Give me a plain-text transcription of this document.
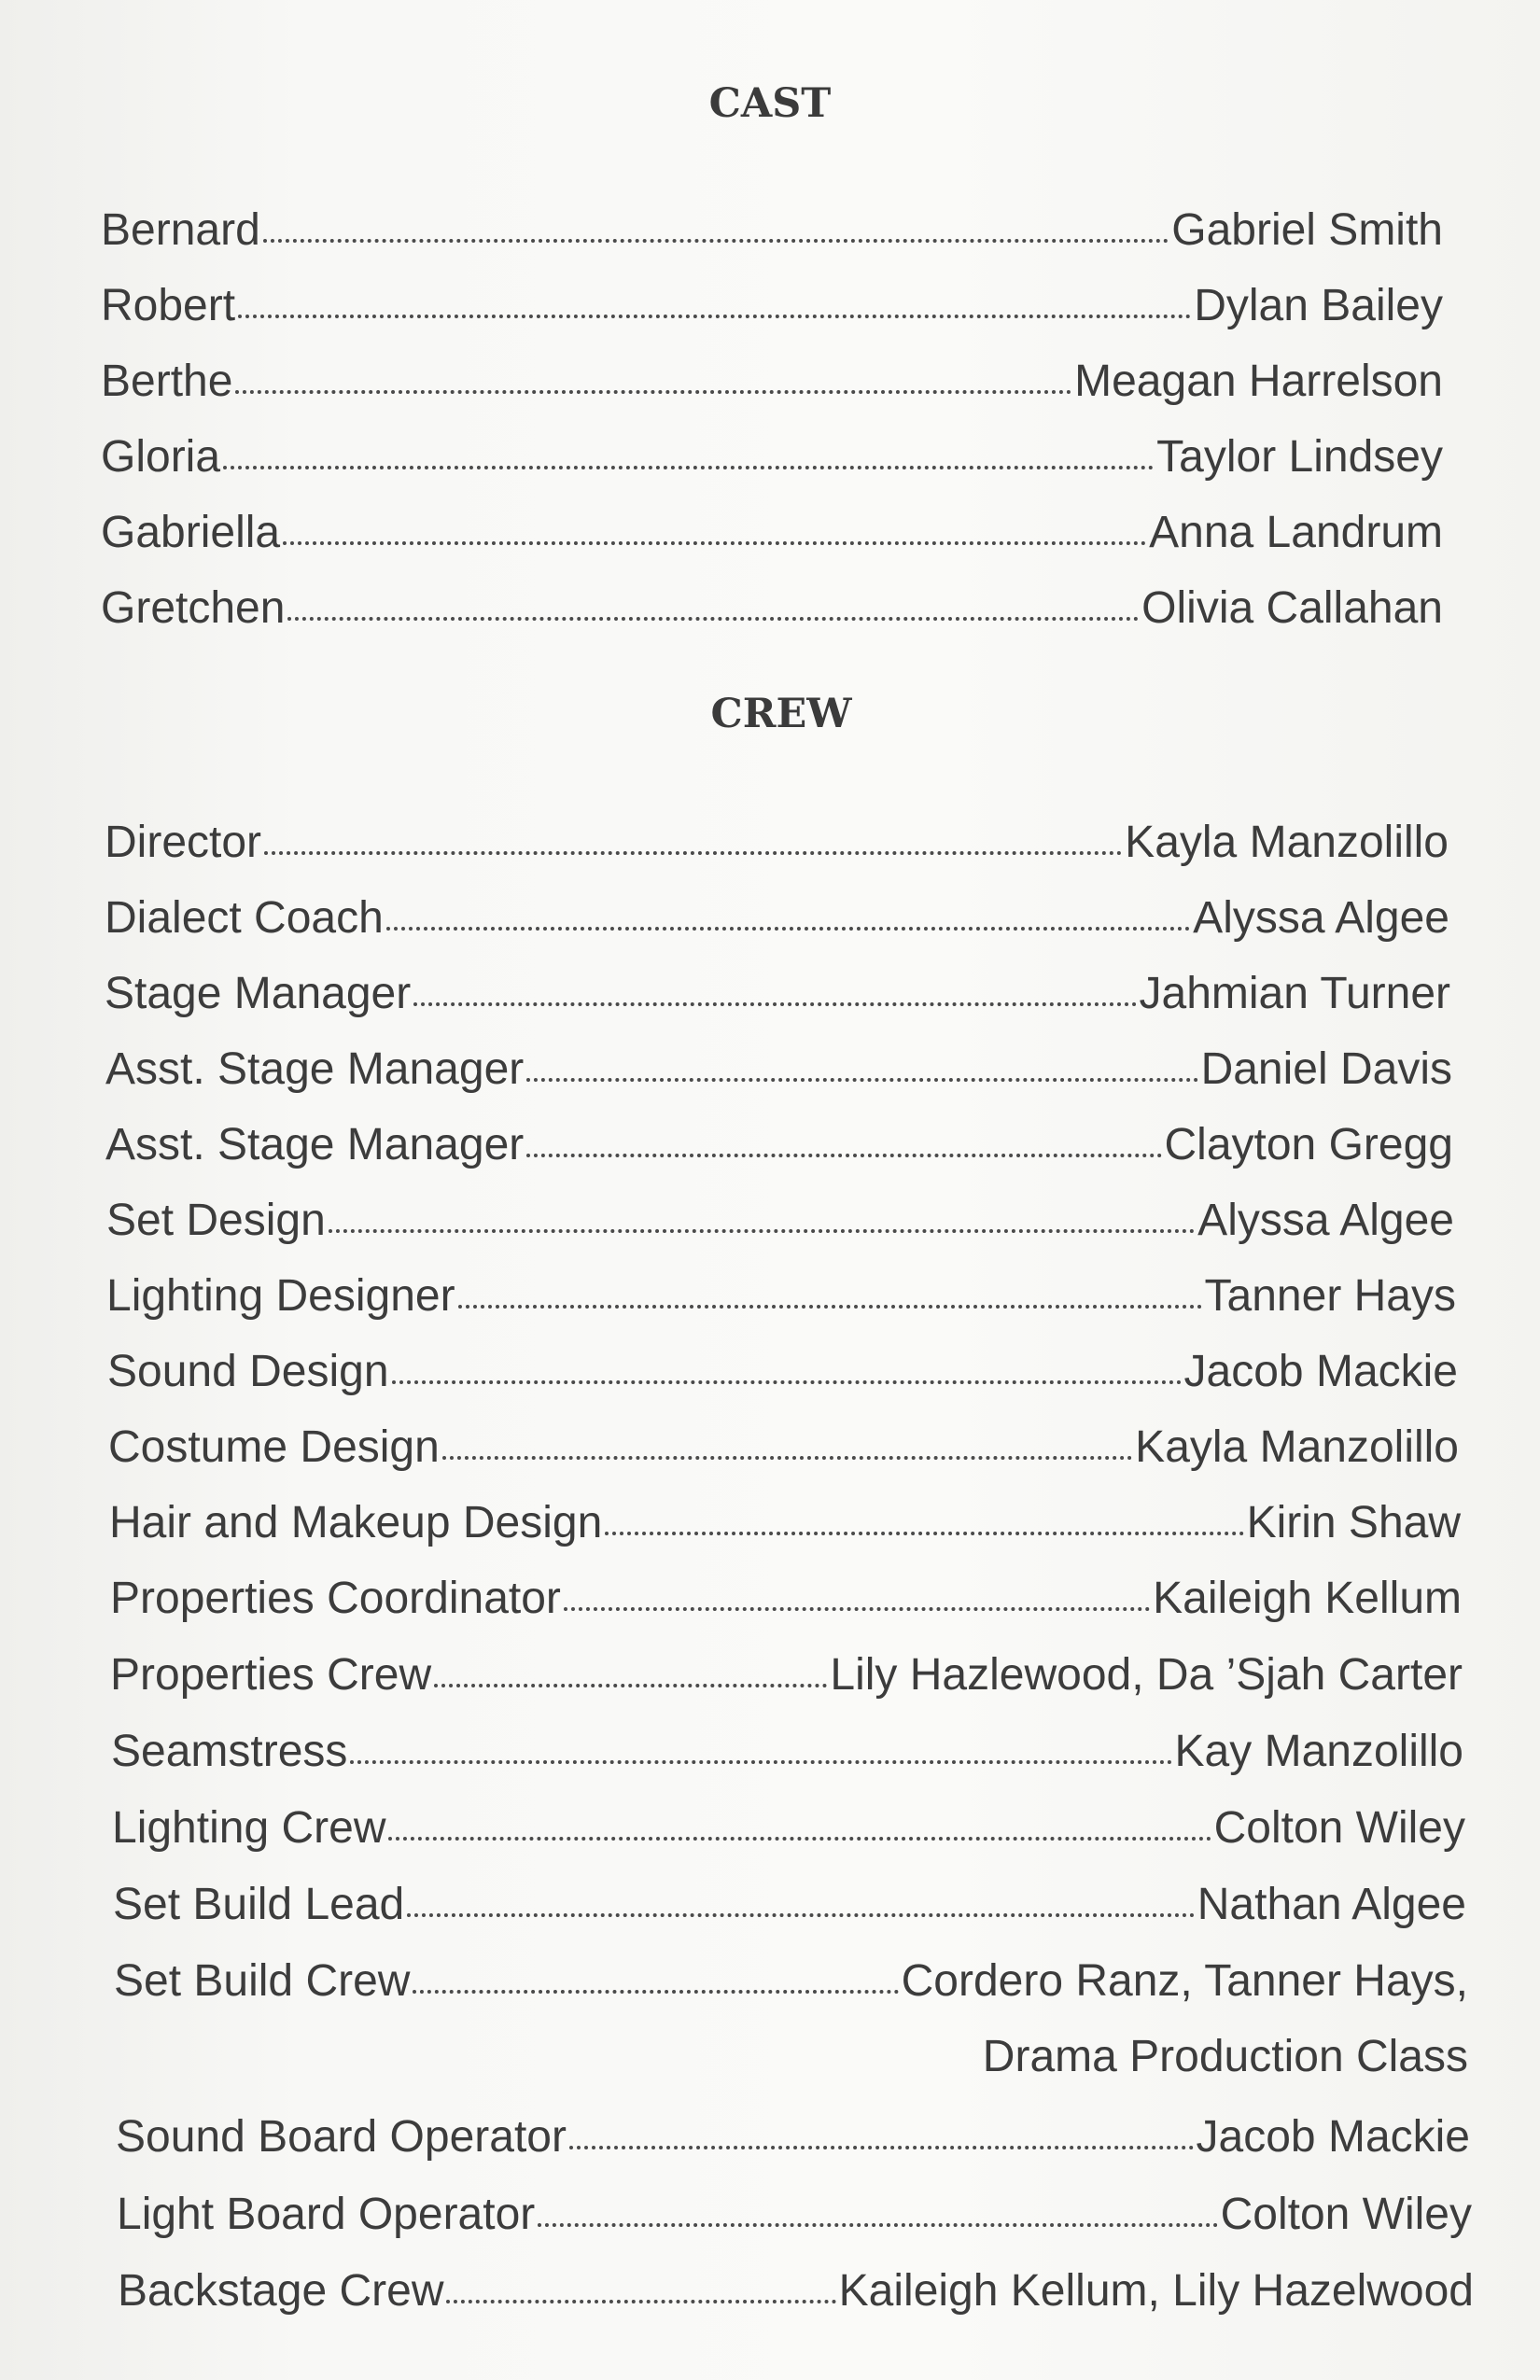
CAST
Bernard	Gabriel Smith
Robert	Dylan Bailey
Berthe	Meagan Harrelson
Gloria	Taylor Lindsey
Gabriella	Anna Landrum
Gretchen	Olivia Callahan
CREW
Director	Kayla Manzolillo
Dialect Coach	Alyssa Algee
Stage Manager	Jahmian Turner
Asst. Stage Manager	Daniel Davis
Asst. Stage Manager	Clayton Gregg
Set Design	Alyssa Algee
Lighting Designer	Tanner Hays
Sound Design	Jacob Mackie
Costume Design	Kayla Manzolillo
Hair and Makeup Design	Kirin Shaw
Properties Coordinator	Kaileigh Kellum
Properties Crew	Lily Hazlewood, Da ’Sjah Carter
Seamstress	Kay Manzolillo
Lighting Crew	Colton Wiley
Set Build Lead	Nathan Algee
Set Build Crew	Cordero Ranz, Tanner Hays,
Drama Production Class
Sound Board Operator	Jacob Mackie
Light Board Operator	Colton Wiley
Backstage Crew	Kaileigh Kellum, Lily Hazelwood
